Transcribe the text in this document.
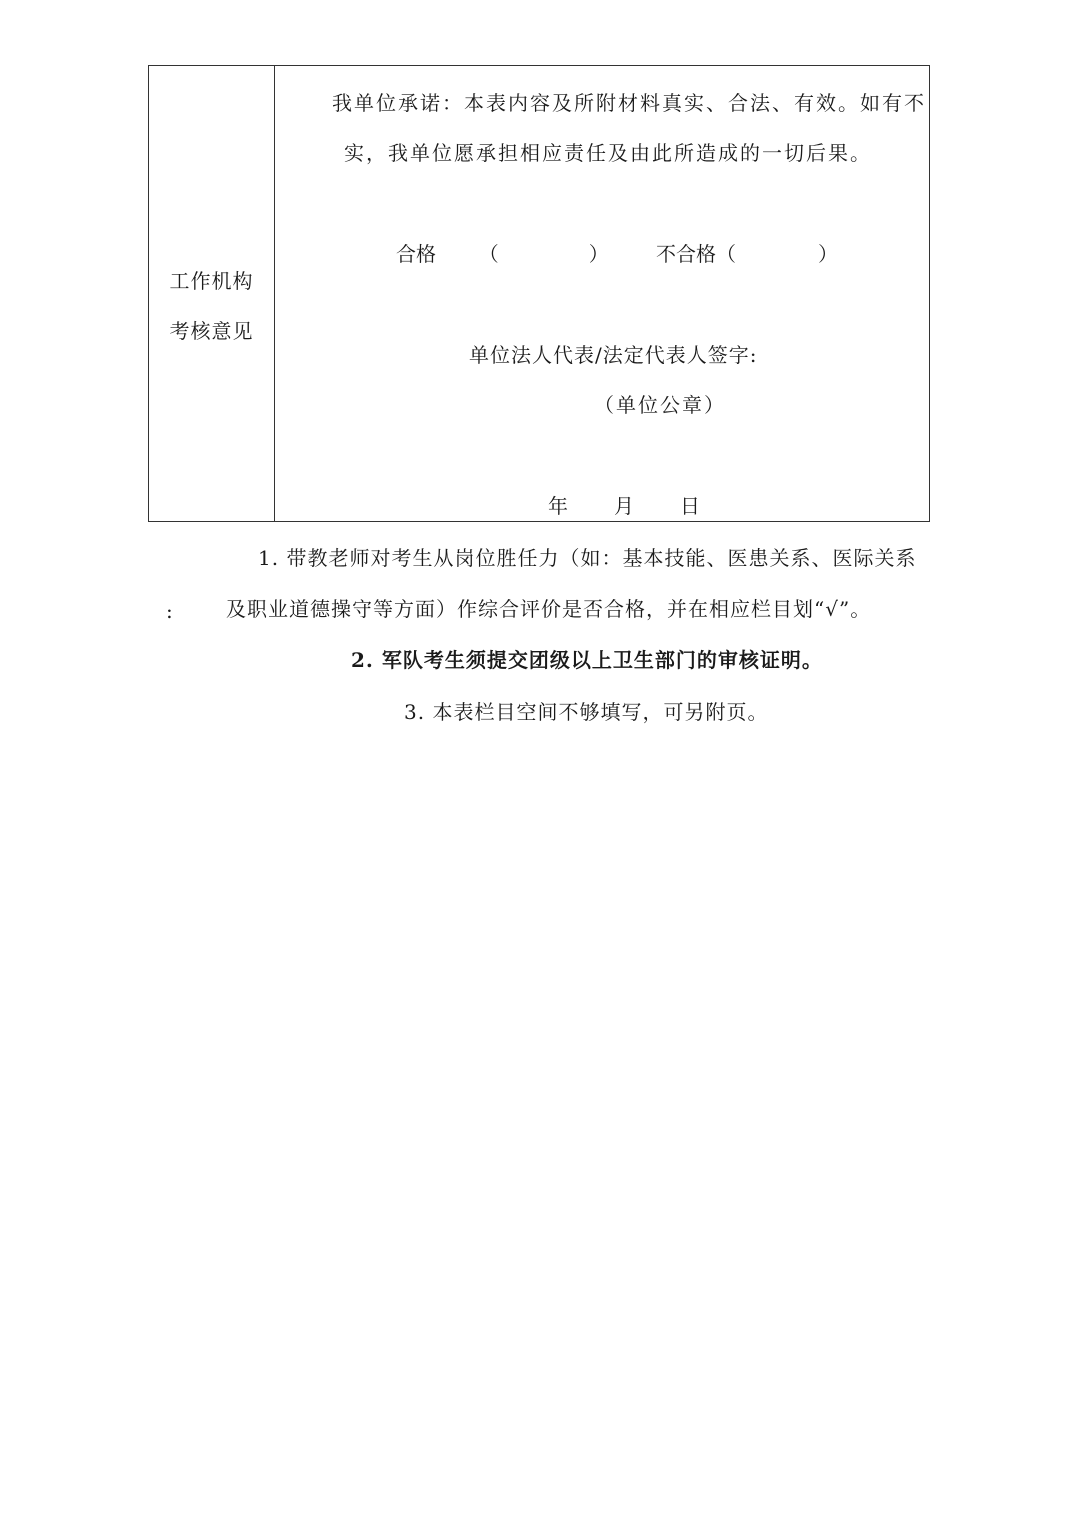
工作机构
考核意见
我单位承诺：本表内容及所附材料真实、合法、有效。如有不
实，我单位愿承担相应责任及由此所造成的一切后果。
合格 （	） 不合格（	）
单位法人代表/法定代表人签字:
（单位公章）
年 月 日
1. 带教老师对考生从岗位胜任力（如：基本技能、医患关系、医际关系
:	及职业道德操守等方面）作综合评价是否合格，并在相应栏目划“√”。
2. 军队考生须提交团级以上卫生部门的审核证明。
3. 本表栏目空间不够填写，可另附页。
